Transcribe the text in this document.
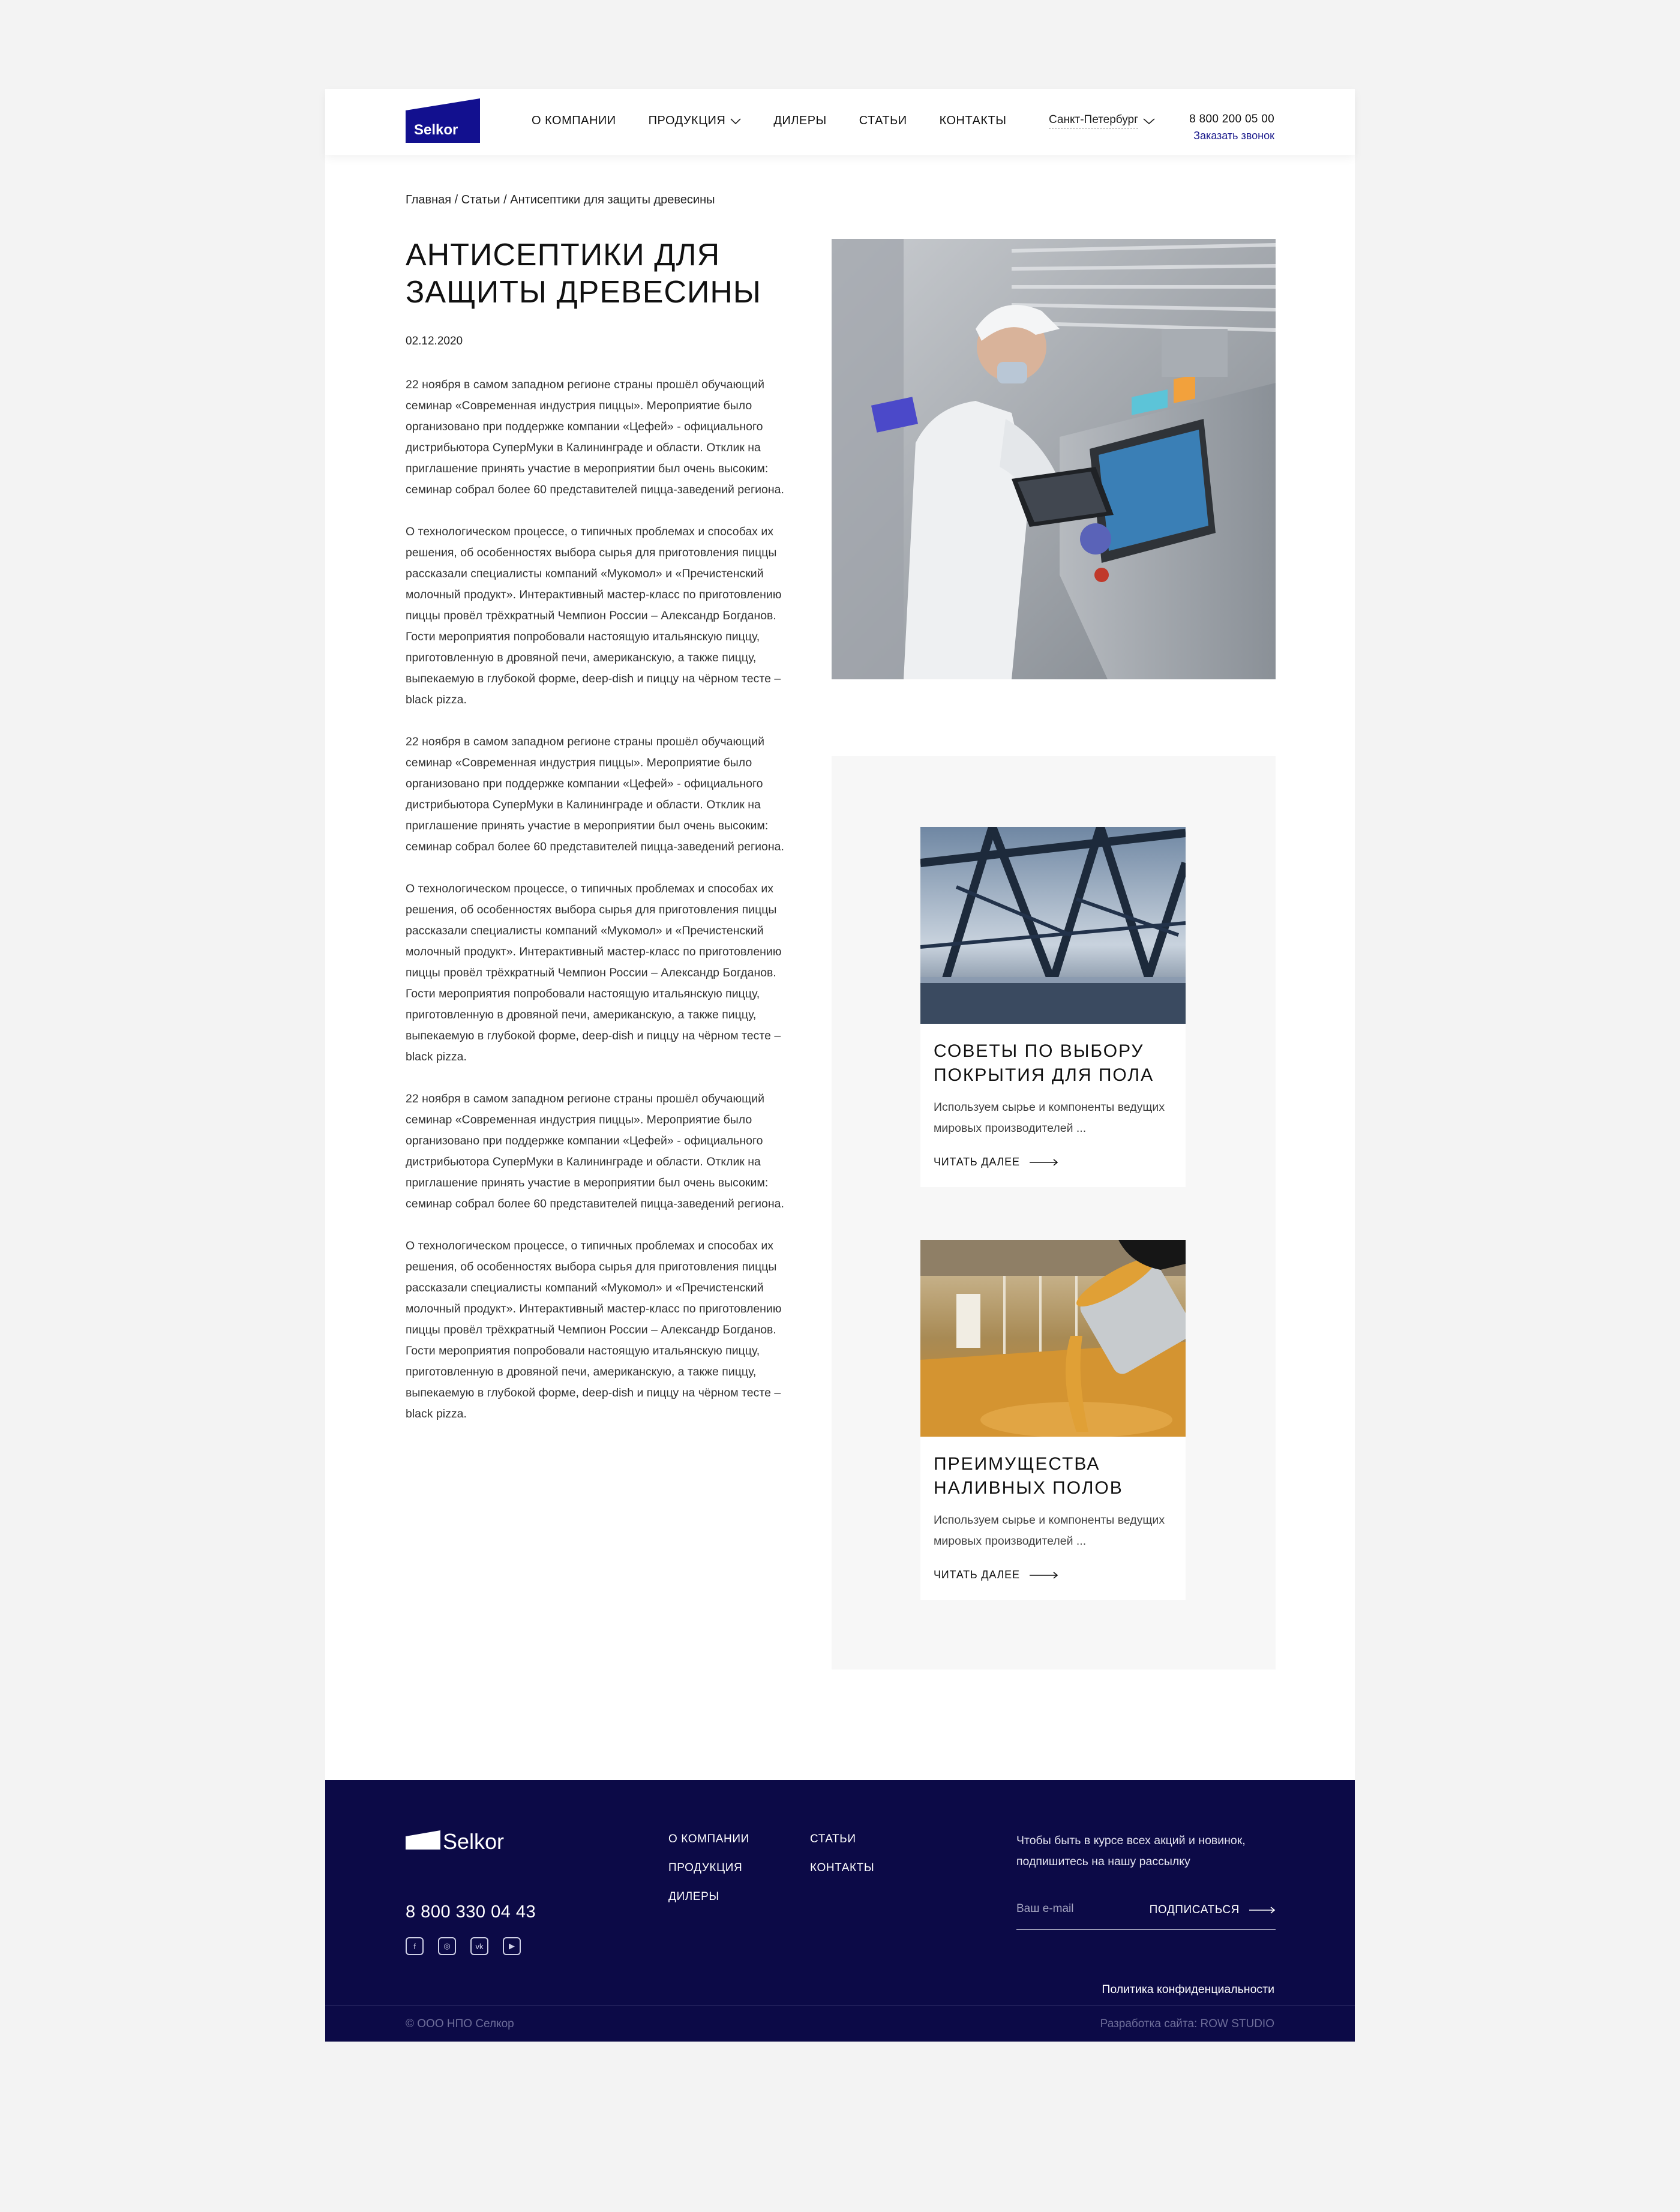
Selkor
О КОМПАНИИ	ПРОДУКЦИЯ	ДИЛЕРЫ	СТАТЬИ	КОНТАКТЫ	Санкт-Петербург	8 800 200 05 00
Заказать звонок
Главная / Статьи / Антисептики для защиты древесины
АНТИСЕПТИКИ ДЛЯ ЗАЩИТЫ ДРЕВЕСИНЫ
02.12.2020

22 ноября в самом западном регионе страны прошёл обучающий семинар «Современная индустрия пиццы». Мероприятие было организовано при поддержке компании «Цефей» - официального дистрибьютора СуперМуки в Калининграде и области. Отклик на приглашение принять участие в мероприятии был очень высоким: семинар собрал более 60 представителей пицца-заведений региона.

О технологическом процессе, о типичных проблемах и способах их решения, об особенностях выбора сырья для приготовления пиццы рассказали специалисты компаний «Мукомол» и «Пречистенский молочный продукт». Интерактивный мастер-класс по приготовлению пиццы провёл трёхкратный Чемпион России – Александр Богданов. Гости мероприятия попробовали настоящую итальянскую пиццу, приготовленную в дровяной печи, американскую, а также пиццу, выпекаемую в глубокой форме, deep-dish и пиццу на чёрном тесте – black pizza.

22 ноября в самом западном регионе страны прошёл обучающий семинар «Современная индустрия пиццы». Мероприятие было организовано при поддержке компании «Цефей» - официального дистрибьютора СуперМуки в Калининграде и области. Отклик на приглашение принять участие в мероприятии был очень высоким: семинар собрал более 60 представителей пицца-заведений региона.

О технологическом процессе, о типичных проблемах и способах их решения, об особенностях выбора сырья для приготовления пиццы рассказали специалисты компаний «Мукомол» и «Пречистенский молочный продукт». Интерактивный мастер-класс по приготовлению пиццы провёл трёхкратный Чемпион России – Александр Богданов. Гости мероприятия попробовали настоящую итальянскую пиццу, приготовленную в дровяной печи, американскую, а также пиццу, выпекаемую в глубокой форме, deep-dish и пиццу на чёрном тесте – black pizza.

22 ноября в самом западном регионе страны прошёл обучающий семинар «Современная индустрия пиццы». Мероприятие было организовано при поддержке компании «Цефей» - официального дистрибьютора СуперМуки в Калининграде и области. Отклик на приглашение принять участие в мероприятии был очень высоким: семинар собрал более 60 представителей пицца-заведений региона.

О технологическом процессе, о типичных проблемах и способах их решения, об особенностях выбора сырья для приготовления пиццы рассказали специалисты компаний «Мукомол» и «Пречистенский молочный продукт». Интерактивный мастер-класс по приготовлению пиццы провёл трёхкратный Чемпион России – Александр Богданов. Гости мероприятия попробовали настоящую итальянскую пиццу, приготовленную в дровяной печи, американскую, а также пиццу, выпекаемую в глубокой форме, deep-dish и пиццу на чёрном тесте – black pizza.

СОВЕТЫ ПО ВЫБОРУ ПОКРЫТИЯ ДЛЯ ПОЛА
Используем сырье и компоненты ведущих мировых производителей ...
ЧИТАТЬ ДАЛЕЕ
ПРЕИМУЩЕСТВА НАЛИВНЫХ ПОЛОВ
Используем сырье и компоненты ведущих мировых производителей ...
ЧИТАТЬ ДАЛЕЕ
Selkor
8 800 330 04 43
f	◎	vk	▶
О КОМПАНИИ
ПРОДУКЦИЯ
ДИЛЕРЫ
СТАТЬИ
КОНТАКТЫ
Чтобы быть в курсе всех акций и новинок, подпишитесь на нашу рассылку
Ваш e-mail
ПОДПИСАТЬСЯ
Политика конфиденциальности
© ООО НПО Селкор	Разработка сайта: ROW STUDIO
